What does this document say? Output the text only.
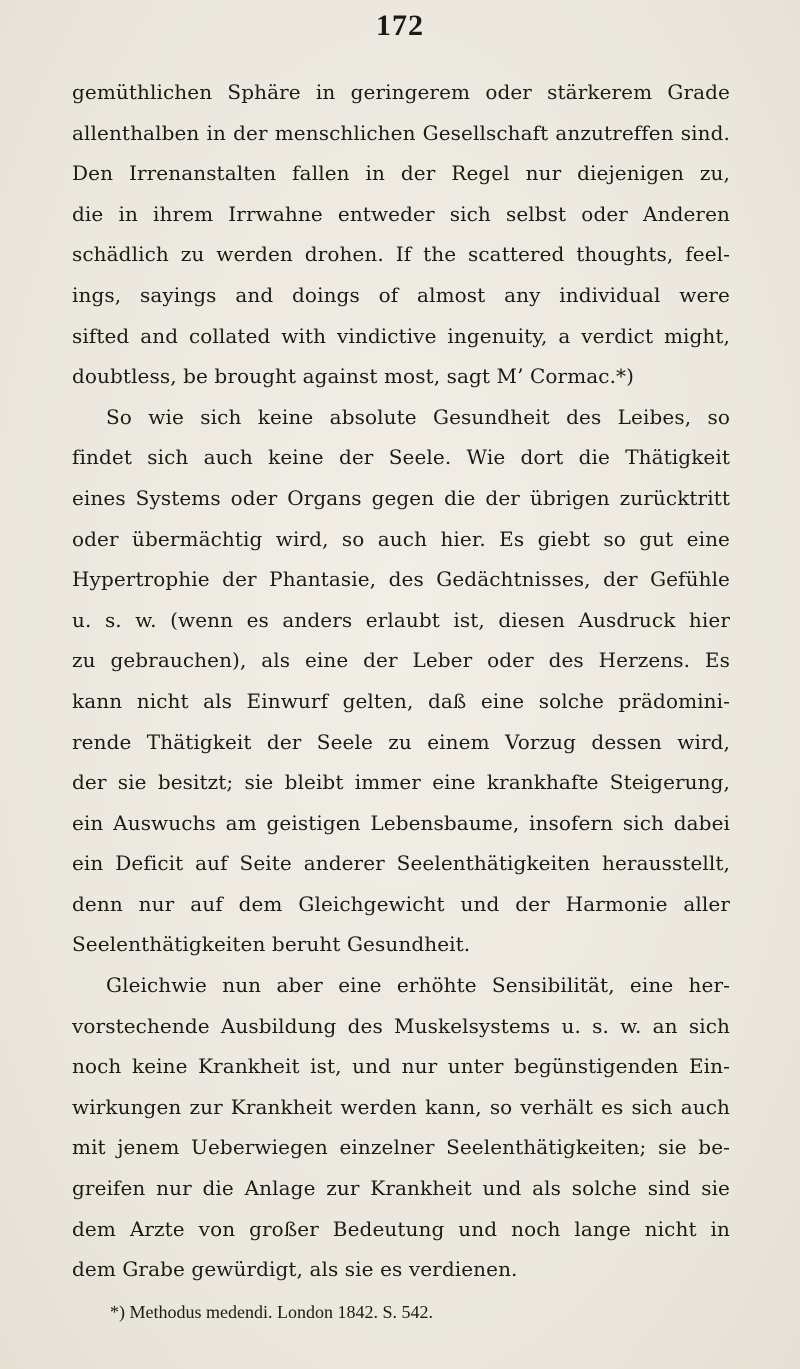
172
gemüthlichen Sphäre in geringerem oder stärkerem Grade
allenthalben in der menschlichen Gesellschaft anzutreffen sind.
Den Irrenanstalten fallen in der Regel nur diejenigen zu,
die in ihrem Irrwahne entweder sich selbst oder Anderen
schädlich zu werden drohen. If the scattered thoughts, feel-
ings, sayings and doings of almost any individual were
sifted and collated with vindictive ingenuity, a verdict might,
doubtless, be brought against most, sagt M’ Cormac.*)
So wie sich keine absolute Gesundheit des Leibes, so
findet sich auch keine der Seele. Wie dort die Thätigkeit
eines Systems oder Organs gegen die der übrigen zurücktritt
oder übermächtig wird, so auch hier. Es giebt so gut eine
Hypertrophie der Phantasie, des Gedächtnisses, der Gefühle
u. s. w. (wenn es anders erlaubt ist, diesen Ausdruck hier
zu gebrauchen), als eine der Leber oder des Herzens. Es
kann nicht als Einwurf gelten, daß eine solche prädomini-
rende Thätigkeit der Seele zu einem Vorzug dessen wird,
der sie besitzt; sie bleibt immer eine krankhafte Steigerung,
ein Auswuchs am geistigen Lebensbaume, insofern sich dabei
ein Deficit auf Seite anderer Seelenthätigkeiten herausstellt,
denn nur auf dem Gleichgewicht und der Harmonie aller
Seelenthätigkeiten beruht Gesundheit.
Gleichwie nun aber eine erhöhte Sensibilität, eine her-
vorstechende Ausbildung des Muskelsystems u. s. w. an sich
noch keine Krankheit ist, und nur unter begünstigenden Ein-
wirkungen zur Krankheit werden kann, so verhält es sich auch
mit jenem Ueberwiegen einzelner Seelenthätigkeiten; sie be-
greifen nur die Anlage zur Krankheit und als solche sind sie
dem Arzte von großer Bedeutung und noch lange nicht in
dem Grabe gewürdigt, als sie es verdienen.
*) Methodus medendi. London 1842. S. 542.
